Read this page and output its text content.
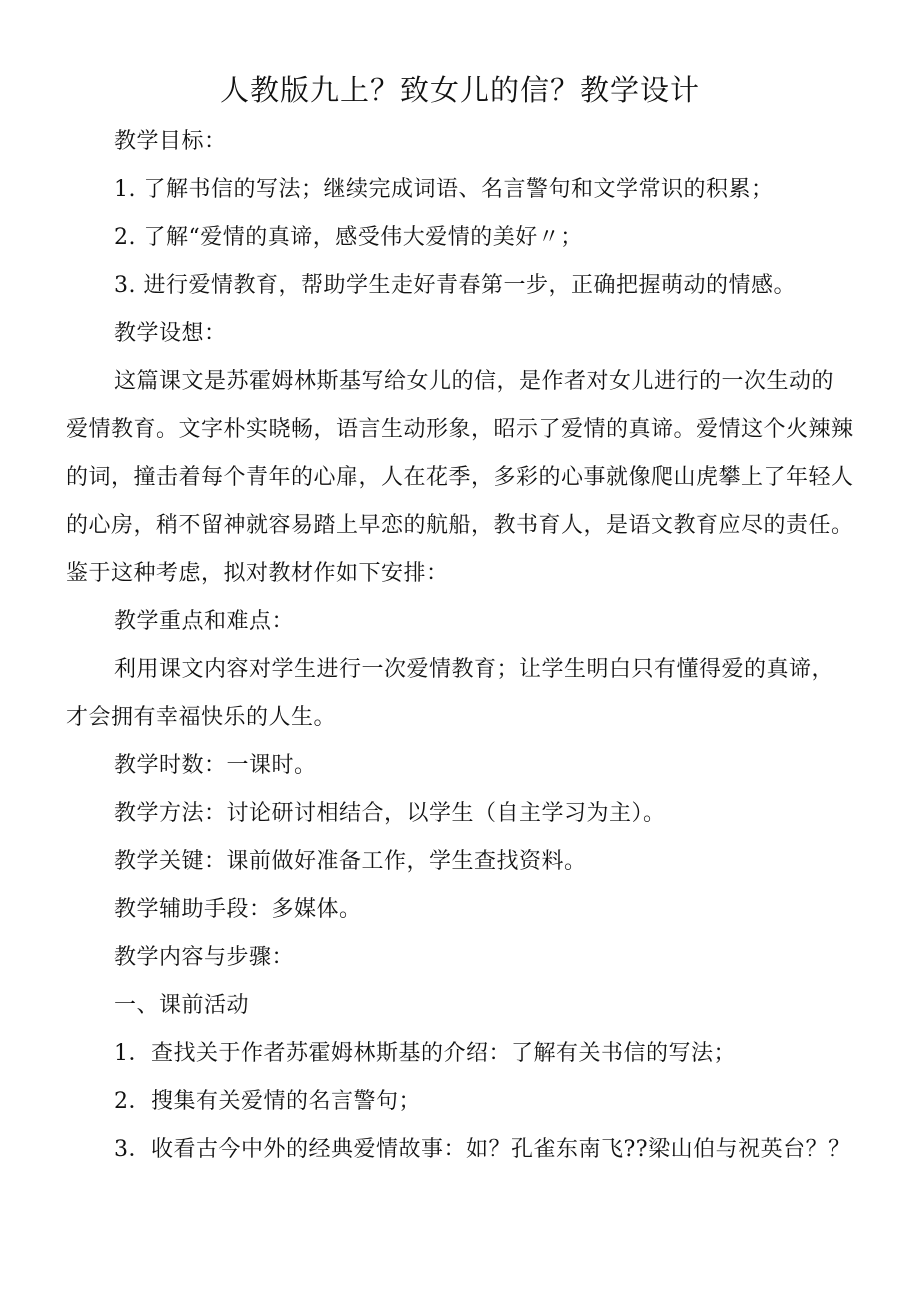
人教版九上？致女儿的信？教学设计
教学目标：
1. 了解书信的写法；继续完成词语、名言警句和文学常识的积累；
2. 了解“爱情的真谛，感受伟大爱情的美好〃；
3. 进行爱情教育，帮助学生走好青春第一步，正确把握萌动的情感。
教学设想：
这篇课文是苏霍姆林斯基写给女儿的信，是作者对女儿进行的一次生动的
爱情教育。文字朴实晓畅，语言生动形象，昭示了爱情的真谛。爱情这个火辣辣
的词，撞击着每个青年的心扉，人在花季，多彩的心事就像爬山虎攀上了年轻人
的心房，稍不留神就容易踏上早恋的航船，教书育人，是语文教育应尽的责任。
鉴于这种考虑，拟对教材作如下安排：
教学重点和难点：
利用课文内容对学生进行一次爱情教育；让学生明白只有懂得爱的真谛，
才会拥有幸福快乐的人生。
教学时数：一课时。
教学方法：讨论研讨相结合，以学生（自主学习为主）。
教学关键：课前做好准备工作，学生查找资料。
教学辅助手段：多媒体。
教学内容与步骤：
一、课前活动
1．查找关于作者苏霍姆林斯基的介绍：了解有关书信的写法；
2．搜集有关爱情的名言警句；
3．收看古今中外的经典爱情故事：如？孔雀东南飞??梁山伯与祝英台？？
